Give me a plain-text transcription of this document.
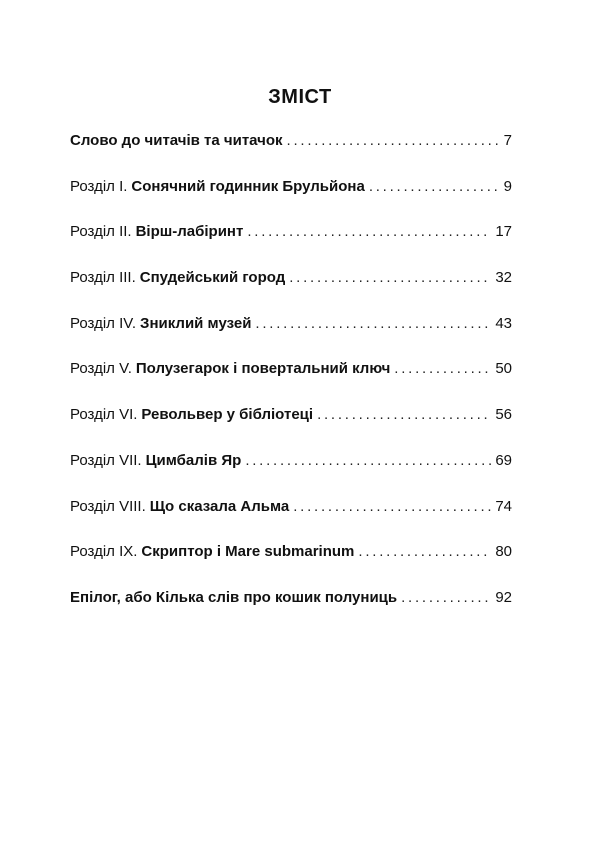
ЗМІСТ
Слово до читачів та читачок . . .	7
Розділ І. Сонячний годинник Брульйона . . .	9
Розділ ІІ. Вірш-лабіринт . . .	17
Розділ ІІІ. Спудейський город . . .	32
Розділ ІV. Зниклий музей . . .	43
Розділ V. Полузегарок і повертальний ключ . . .	50
Розділ VІ. Револьвер у бібліотеці . . .	56
Розділ VІІ. Цимбалів Яр . . .	69
Розділ VІІІ. Що сказала Альма . . .	74
Розділ ІХ. Скриптор і Mare submarinum . . .	80
Епілог, або Кілька слів про кошик полуниць . . .	92
